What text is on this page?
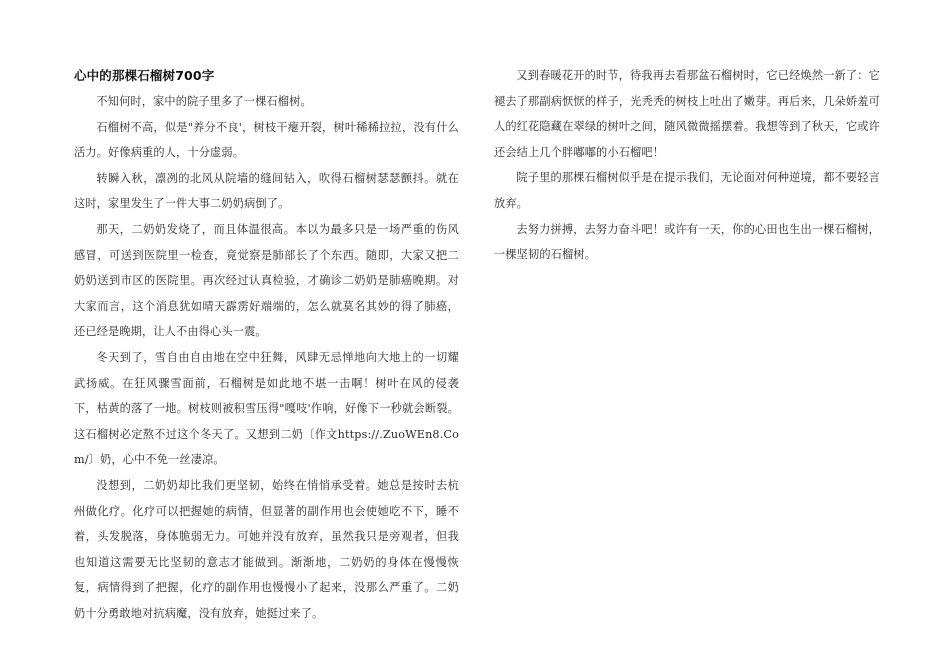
心中的那棵石榴树700字

不知何时，家中的院子里多了一棵石榴树。

石榴树不高，似是"养分不良'，树枝干瘪开裂，树叶稀稀拉拉，没有什么活力。好像病重的人，十分虚弱。

转瞬入秋，凛冽的北风从院墙的缝间钻入，吹得石榴树瑟瑟颤抖。就在这时，家里发生了一件大事二奶奶病倒了。

那天，二奶奶发烧了，而且体温很高。本以为最多只是一场严重的伤风感冒，可送到医院里一检查，竟觉察是肺部长了个东西。随即，大家又把二奶奶送到市区的医院里。再次经过认真检验，才确诊二奶奶是肺癌晚期。对大家而言，这个消息犹如晴天霹雳好端端的，怎么就莫名其妙的得了肺癌，还已经是晚期，让人不由得心头一震。

冬天到了，雪自由自由地在空中狂舞，风肆无忌惮地向大地上的一切耀武扬威。在狂风骤雪面前，石榴树是如此地不堪一击啊！树叶在风的侵袭下，枯黄的落了一地。树枝则被积雪压得"嘎吱'作响，好像下一秒就会断裂。这石榴树必定熬不过这个冬天了。又想到二奶〔作文https://.ZuoWEn8.Com/〕奶，心中不免一丝凄凉。

没想到，二奶奶却比我们更坚韧，始终在悄悄承受着。她总是按时去杭州做化疗。化疗可以把握她的病情，但显著的副作用也会使她吃不下，睡不着，头发脱落，身体脆弱无力。可她并没有放弃，虽然我只是旁观者，但我也知道这需要无比坚韧的意志才能做到。渐渐地，二奶奶的身体在慢慢恢复，病情得到了把握，化疗的副作用也慢慢小了起来，没那么严重了。二奶奶十分勇敢地对抗病魔，没有放弃，她挺过来了。

又到春暖花开的时节，待我再去看那盆石榴树时，它已经焕然一新了：它褪去了那副病恹恹的样子，光秃秃的树枝上吐出了嫩芽。再后来，几朵娇羞可人的红花隐藏在翠绿的树叶之间，随风微微摇摆着。我想等到了秋天，它或许还会结上几个胖嘟嘟的小石榴吧！

院子里的那棵石榴树似乎是在提示我们，无论面对何种逆境，都不要轻言放弃。

去努力拼搏，去努力奋斗吧！或许有一天，你的心田也生出一棵石榴树，一棵坚韧的石榴树。
